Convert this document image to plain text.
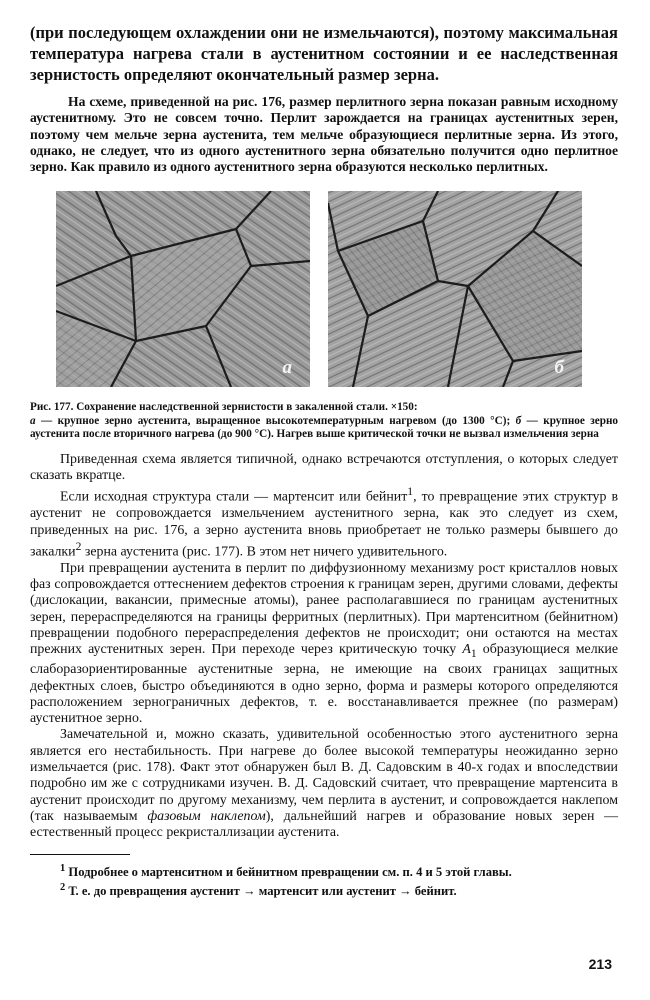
(при последующем охлаждении они не измельчаются), поэтому максимальная температура нагрева стали в аустенитном состоянии и ее наследственная зернистость определяют окончательный размер зерна.

На схеме, приведенной на рис. 176, размер перлитного зерна показан равным исходному аустенитному. Это не совсем точно. Перлит зарождается на границах аустенитных зерен, поэтому чем мельче зерна аустенита, тем мельче образующиеся перлитные зерна. Из этого, однако, не следует, что из одного аустенитного зерна обязательно получится одно перлитное зерно. Как правило из одного аустенитного зерна образуются несколько перлитных.

а	б

Рис. 177. Сохранение наследственной зернистости в закаленной стали. ×150:
а — крупное зерно аустенита, выращенное высокотемпературным нагревом (до 1300 °C); б — крупное зерно аустенита после вторичного нагрева (до 900 °C). Нагрев выше критической точки не вызвал измельчения зерна

Приведенная схема является типичной, однако встречаются отступления, о которых следует сказать вкратце.

Если исходная структура стали — мартенсит или бейнит$^1$, то превращение этих структур в аустенит не сопровождается измельчением аустенитного зерна, как это следует из схем, приведенных на рис. 176, а зерно аустенита вновь приобретает не только размеры бывшего до закалки$^2$ зерна аустенита (рис. 177). В этом нет ничего удивительного.

При превращении аустенита в перлит по диффузионному механизму рост кристаллов новых фаз сопровождается оттеснением дефектов строения к границам зерен, другими словами, дефекты (дислокации, вакансии, примесные атомы), ранее располагавшиеся по границам аустенитных зерен, перераспределяются на границы ферритных (перлитных). При мартенситном (бейнитном) превращении подобного перераспределения дефектов не происходит; они остаются на местах прежних аустенитных зерен. При переходе через критическую точку $A_1$ образующиеся мелкие слаборазориентированные аустенитные зерна, не имеющие на своих границах защитных дефектных слоев, быстро объединяются в одно зерно, форма и размеры которого определяются расположением зернограничных дефектов, т. е. восстанавливается прежнее (по размерам) аустенитное зерно.

Замечательной и, можно сказать, удивительной особенностью этого аустенитного зерна является его нестабильность. При нагреве до более высокой температуры неожиданно зерно измельчается (рис. 178). Факт этот обнаружен был В. Д. Садовским в 40-х годах и впоследствии подробно им же с сотрудниками изучен. В. Д. Садовский считает, что превращение мартенсита в аустенит происходит по другому механизму, чем перлита в аустенит, и сопровождается наклепом (так называемым фазовым наклепом), дальнейший нагрев и образование новых зерен — естественный процесс рекристаллизации аустенита.

$^1$ Подробнее о мартенситном и бейнитном превращении см. п. 4 и 5 этой главы.

$^2$ Т. е. до превращения аустенит → мартенсит или аустенит → бейнит.

213
